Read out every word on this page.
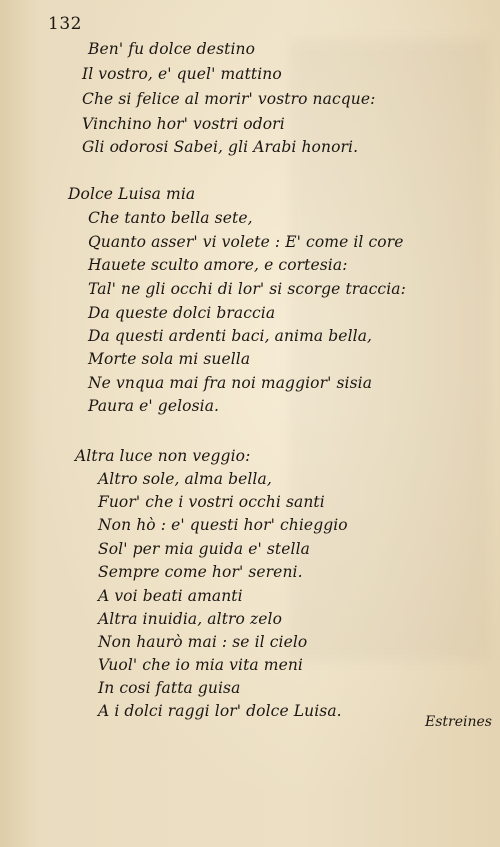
132
Ben' fu dolce destino
Il vostro, e' quel' mattino
Che si felice al morir' vostro nacque:
Vinchino hor' vostri odori
Gli odorosi Sabei, gli Arabi honori.
Dolce Luisa mia
Che tanto bella sete,
Quanto asser' vi volete : E' come il core
Hauete sculto amore, e cortesia:
Tal' ne gli occhi di lor' si scorge traccia:
Da queste dolci braccia
Da questi ardenti baci, anima bella,
Morte sola mi suella
Ne vnqua mai fra noi maggior' sisia
Paura e' gelosia.
Altra luce non veggio:
Altro sole, alma bella,
Fuor' che i vostri occhi santi
Non hò : e' questi hor' chieggio
Sol' per mia guida e' stella
Sempre come hor' sereni.
A voi beati amanti
Altra inuidia, altro zelo
Non haurò mai : se il cielo
Vuol' che io mia vita meni
In cosi fatta guisa
A i dolci raggi lor' dolce Luisa.
Estreines
